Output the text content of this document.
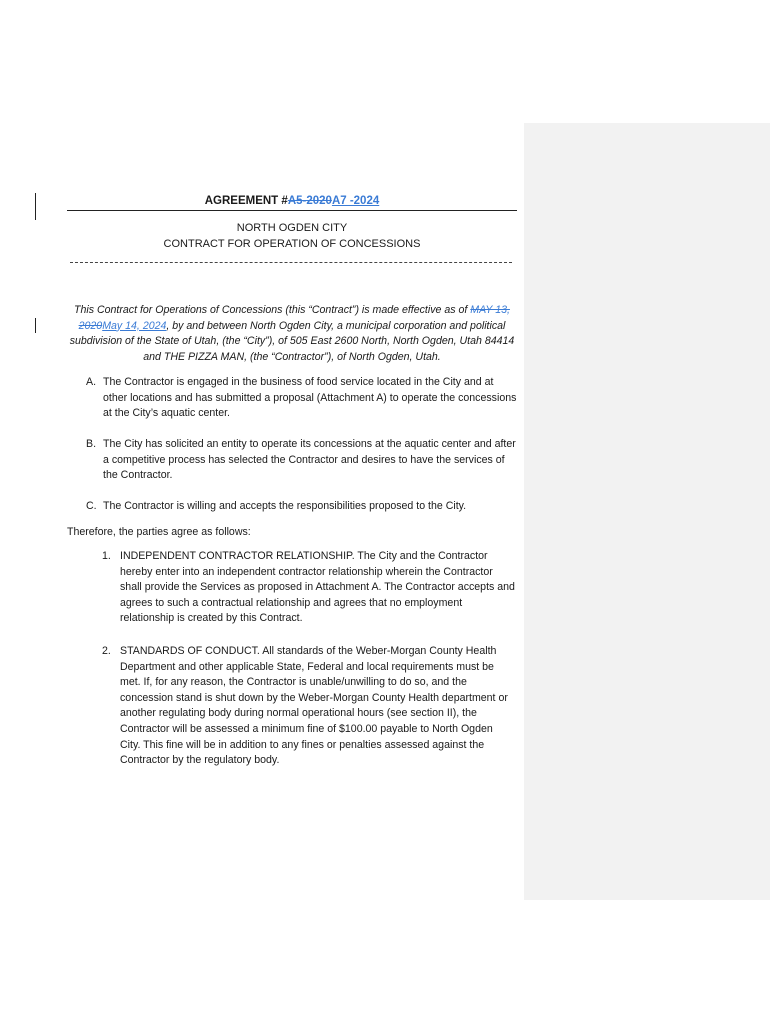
AGREEMENT #A5-2020A7 -2024
NORTH OGDEN CITY
CONTRACT FOR OPERATION OF CONCESSIONS
This Contract for Operations of Concessions (this “Contract”) is made effective as of MAY 13, 2020May 14, 2024, by and between North Ogden City, a municipal corporation and political subdivision of the State of Utah, (the “City”), of 505 East 2600 North, North Ogden, Utah 84414 and THE PIZZA MAN, (the “Contractor”), of North Ogden, Utah.
A. The Contractor is engaged in the business of food service located in the City and at other locations and has submitted a proposal (Attachment A) to operate the concessions at the City’s aquatic center.
B. The City has solicited an entity to operate its concessions at the aquatic center and after a competitive process has selected the Contractor and desires to have the services of the Contractor.
C. The Contractor is willing and accepts the responsibilities proposed to the City.
Therefore, the parties agree as follows:
1. INDEPENDENT CONTRACTOR RELATIONSHIP. The City and the Contractor hereby enter into an independent contractor relationship wherein the Contractor shall provide the Services as proposed in Attachment A. The Contractor accepts and agrees to such a contractual relationship and agrees that no employment relationship is created by this Contract.
2. STANDARDS OF CONDUCT. All standards of the Weber-Morgan County Health Department and other applicable State, Federal and local requirements must be met. If, for any reason, the Contractor is unable/unwilling to do so, and the concession stand is shut down by the Weber-Morgan County Health department or another regulating body during normal operational hours (see section II), the Contractor will be assessed a minimum fine of $100.00 payable to North Ogden City. This fine will be in addition to any fines or penalties assessed against the Contractor by the regulatory body.
